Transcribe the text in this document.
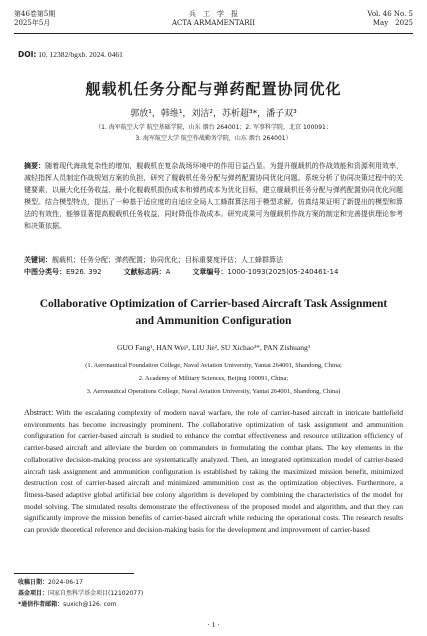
第46卷第5期	Vol. 46 No. 5
兵　工　学　报
2025年5月	May　2025
ACTA ARMAMENTARII
DOI: 10. 12382/bgxb. 2024. 0461
舰载机任务分配与弹药配置协同优化
郭放¹，韩维¹，刘洁²，苏析超³*，潘子双³
（1. 海军航空大学 航空基础学院，山东 烟台 264001；2. 军事科学院，北京 100091；
3. 海军航空大学 航空作战勤务学院，山东 烟台 264001）
摘要：随着现代海战复杂性的增加，舰载机在复杂战场环境中的作用日益凸显。为提升舰载机的作战效能和资源利用效率，减轻指挥人员制定作战规划方案的负担，研究了舰载机任务分配与弹药配置协同优化问题。系统分析了协同决策过程中的关键要素，以最大化任务收益、最小化舰载机损伤成本和弹药成本为优化目标，建立舰载机任务分配与弹药配置协同优化问题模型。结合模型特点，提出了一种基于适应度的自适应全局人工蜂群算法用于模型求解。仿真结果证明了新提出的模型和算法的有效性，能够显著提高舰载机任务收益，同时降低作战成本。研究成果可为舰载机作战方案的制定和完善提供理论参考和决策依据。
关键词：舰载机；任务分配；弹药配置；协同优化；目标重要度评估；人工蜂群算法
中图分类号：E926. 392	文献标志码：A	文章编号：1000-1093(2025)05-240461-14
Collaborative Optimization of Carrier-based Aircraft Task Assignment and Ammunition Configuration
GUO Fang¹, HAN Wei¹, LIU Jie², SU Xichao³*, PAN Zishuang³
(1. Aeronautical Foundation College, Naval Aviation University, Yantai 264001, Shandong, China;
2. Academy of Military Sciences, Beijing 100091, China;
3. Aeronautical Operations College, Naval Aviation University, Yantai 264001, Shandong, China)
Abstract: With the escalating complexity of modern naval warfare, the role of carrier-based aircraft in intricate battlefield environments has become increasingly prominent. The collaborative optimization of task assignment and ammunition configuration for carrier-based aircraft is studied to enhance the combat effectiveness and resource utilization efficiency of carrier-based aircraft and alleviate the burden on commanders in formulating the combat plans. The key elements in the collaborative decision-making process are systematically analyzed. Then, an integrated optimization model of carrier-based aircraft task assignment and ammunition configuration is established by taking the maximized mission benefit, minimized destruction cost of carrier-based aircraft and minimized ammunition cost as the optimization objectives. Furthermore, a fitness-based adaptive global artificial bee colony algorithm is developed by combining the characteristics of the model for model solving. The simulated results demonstrate the effectiveness of the proposed model and algorithm, and that they can significantly improve the mission benefits of carrier-based aircraft while reducing the operational costs. The research results can provide theoretical reference and decision-making basis for the development and improvement of carrier-based
收稿日期：2024-06-17
基金项目：国家自然科学基金项目(12102077)
*通信作者邮箱：suxich@126. com
· 1 ·
